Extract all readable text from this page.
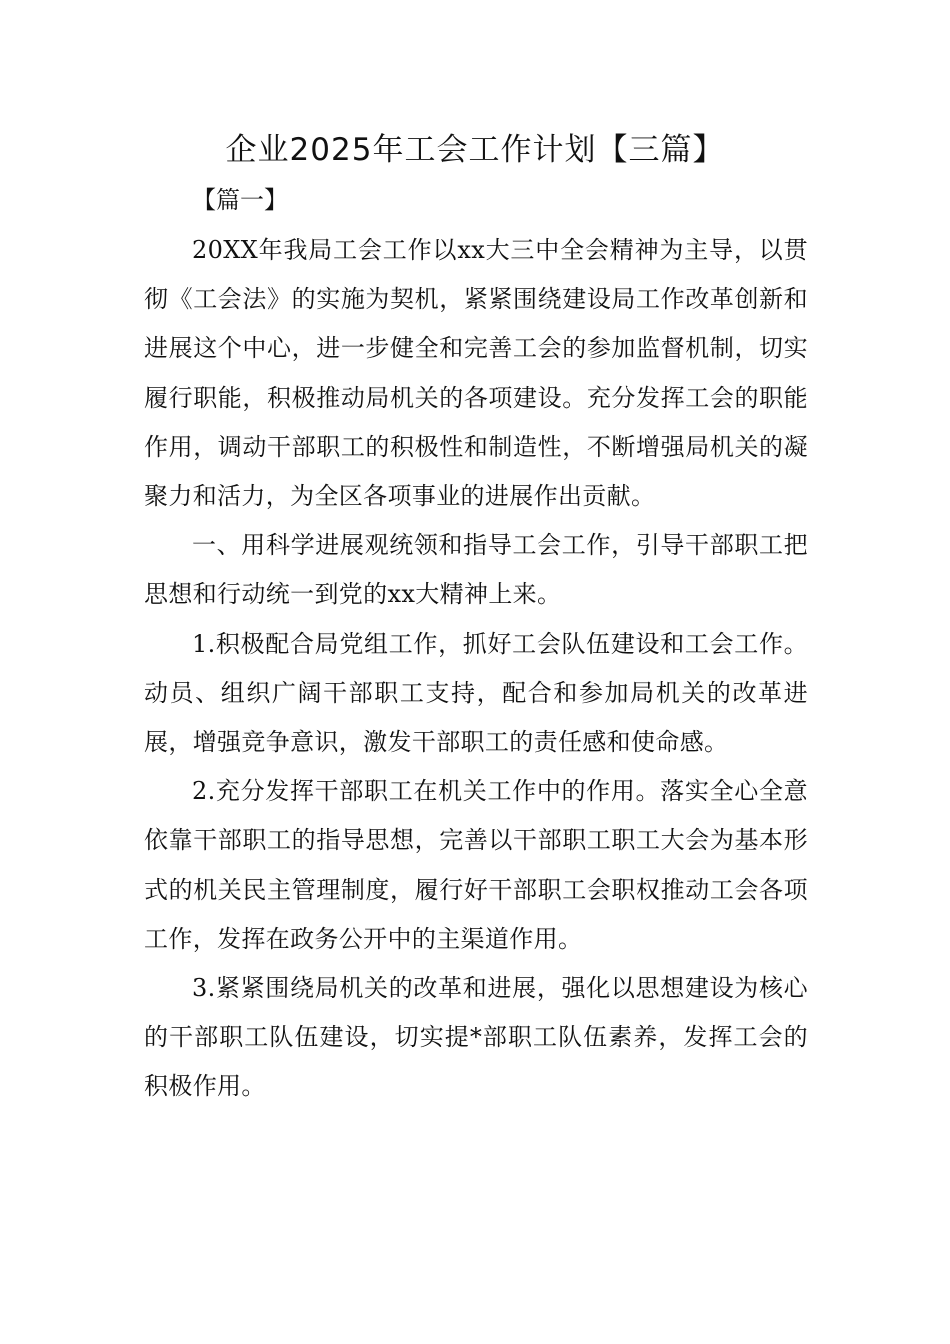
企业2025年工会工作计划【三篇】
【篇一】

20XX年我局工会工作以xx大三中全会精神为主导，以贯彻《工会法》的实施为契机，紧紧围绕建设局工作改革创新和进展这个中心，进一步健全和完善工会的参加监督机制，切实履行职能，积极推动局机关的各项建设。充分发挥工会的职能作用，调动干部职工的积极性和制造性，不断增强局机关的凝聚力和活力，为全区各项事业的进展作出贡献。

一、用科学进展观统领和指导工会工作，引导干部职工把思想和行动统一到党的xx大精神上来。

1.积极配合局党组工作，抓好工会队伍建设和工会工作。动员、组织广阔干部职工支持，配合和参加局机关的改革进展，增强竞争意识，激发干部职工的责任感和使命感。

2.充分发挥干部职工在机关工作中的作用。落实全心全意依靠干部职工的指导思想，完善以干部职工职工大会为基本形式的机关民主管理制度，履行好干部职工会职权推动工会各项工作，发挥在政务公开中的主渠道作用。

3.紧紧围绕局机关的改革和进展，强化以思想建设为核心的干部职工队伍建设，切实提*部职工队伍素养，发挥工会的积极作用。
